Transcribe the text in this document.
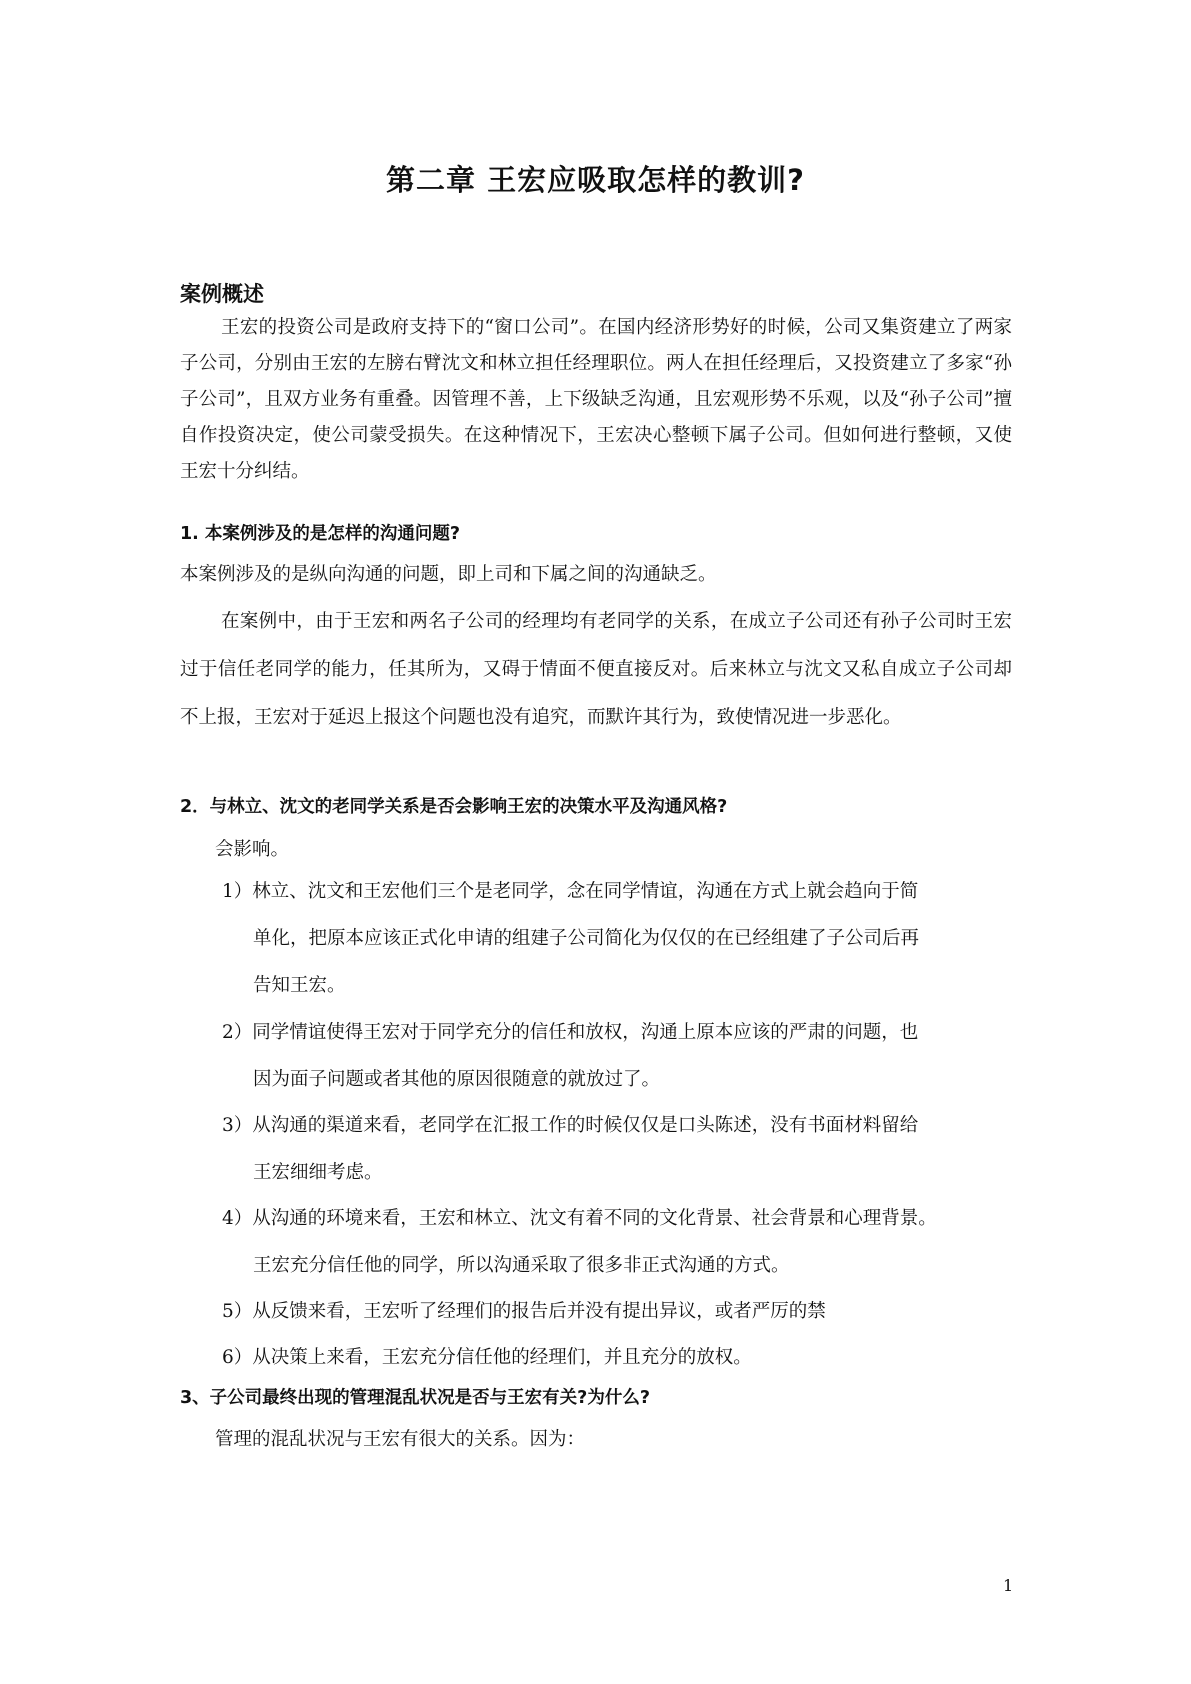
第二章 王宏应吸取怎样的教训?
案例概述

王宏的投资公司是政府支持下的“窗口公司”。在国内经济形势好的时候，公司又集资建立了两家子公司，分别由王宏的左膀右臂沈文和林立担任经理职位。两人在担任经理后，又投资建立了多家“孙子公司”，且双方业务有重叠。因管理不善，上下级缺乏沟通，且宏观形势不乐观，以及“孙子公司”擅自作投资决定，使公司蒙受损失。在这种情况下，王宏决心整顿下属子公司。但如何进行整顿，又使王宏十分纠结。

1. 本案例涉及的是怎样的沟通问题?

本案例涉及的是纵向沟通的问题，即上司和下属之间的沟通缺乏。

在案例中，由于王宏和两名子公司的经理均有老同学的关系，在成立子公司还有孙子公司时王宏过于信任老同学的能力，任其所为，又碍于情面不便直接反对。后来林立与沈文又私自成立子公司却不上报，王宏对于延迟上报这个问题也没有追究，而默许其行为，致使情况进一步恶化。

2．与林立、沈文的老同学关系是否会影响王宏的决策水平及沟通风格?

会影响。

1）林立、沈文和王宏他们三个是老同学，念在同学情谊，沟通在方式上就会趋向于简
单化，把原本应该正式化申请的组建子公司简化为仅仅的在已经组建了子公司后再
告知王宏。
2）同学情谊使得王宏对于同学充分的信任和放权，沟通上原本应该的严肃的问题，也
因为面子问题或者其他的原因很随意的就放过了。
3）从沟通的渠道来看，老同学在汇报工作的时候仅仅是口头陈述，没有书面材料留给
王宏细细考虑。
4）从沟通的环境来看，王宏和林立、沈文有着不同的文化背景、社会背景和心理背景。
王宏充分信任他的同学，所以沟通采取了很多非正式沟通的方式。
5）从反馈来看，王宏听了经理们的报告后并没有提出异议，或者严厉的禁
6）从决策上来看，王宏充分信任他的经理们，并且充分的放权。

3、子公司最终出现的管理混乱状况是否与王宏有关?为什么?

管理的混乱状况与王宏有很大的关系。因为：

1
